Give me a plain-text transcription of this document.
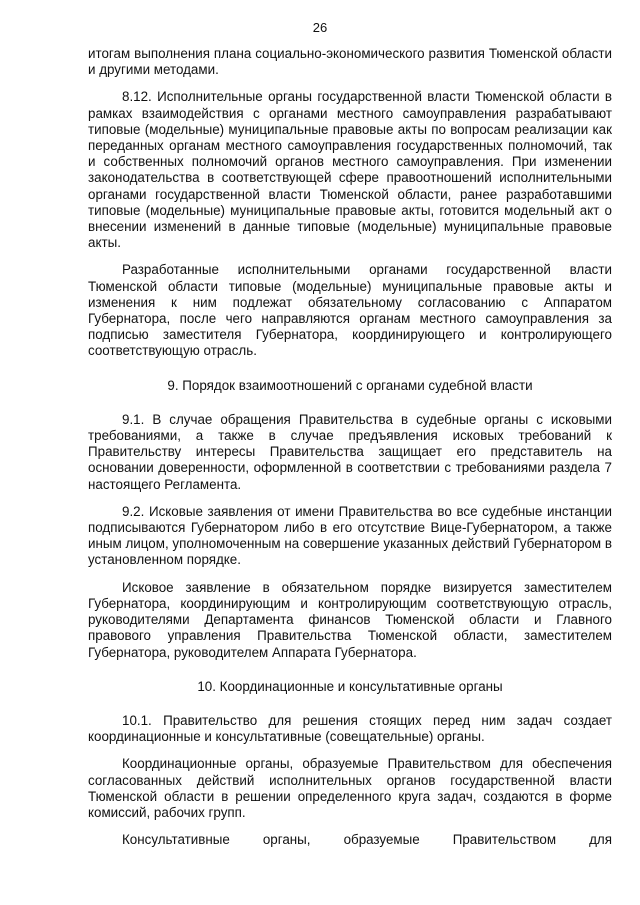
26

итогам выполнения плана социально-экономического развития Тюменской области и другими методами.

8.12. Исполнительные органы государственной власти Тюменской области в рамках взаимодействия с органами местного самоуправления разрабатывают типовые (модельные) муниципальные правовые акты по вопросам реализации как переданных органам местного самоуправления государственных полномочий, так и собственных полномочий органов местного самоуправления. При изменении законодательства в соответствующей сфере правоотношений исполнительными органами государственной власти Тюменской области, ранее разработавшими типовые (модельные) муниципальные правовые акты, готовится модельный акт о внесении изменений в данные типовые (модельные) муниципальные правовые акты.

Разработанные исполнительными органами государственной власти Тюменской области типовые (модельные) муниципальные правовые акты и изменения к ним подлежат обязательному согласованию с Аппаратом Губернатора, после чего направляются органам местного самоуправления за подписью заместителя Губернатора, координирующего и контролирующего соответствующую отрасль.

9. Порядок взаимоотношений с органами судебной власти

9.1. В случае обращения Правительства в судебные органы с исковыми требованиями, а также в случае предъявления исковых требований к Правительству интересы Правительства защищает его представитель на основании доверенности, оформленной в соответствии с требованиями раздела 7 настоящего Регламента.

9.2. Исковые заявления от имени Правительства во все судебные инстанции подписываются Губернатором либо в его отсутствие Вице-Губернатором, а также иным лицом, уполномоченным на совершение указанных действий Губернатором в установленном порядке.

Исковое заявление в обязательном порядке визируется заместителем Губернатора, координирующим и контролирующим соответствующую отрасль, руководителями Департамента финансов Тюменской области и Главного правового управления Правительства Тюменской области, заместителем Губернатора, руководителем Аппарата Губернатора.

10. Координационные и консультативные органы

10.1. Правительство для решения стоящих перед ним задач создает координационные и консультативные (совещательные) органы.

Координационные органы, образуемые Правительством для обеспечения согласованных действий исполнительных органов государственной власти Тюменской области в решении определенного круга задач, создаются в форме комиссий, рабочих групп.

Консультативные органы, образуемые Правительством для
